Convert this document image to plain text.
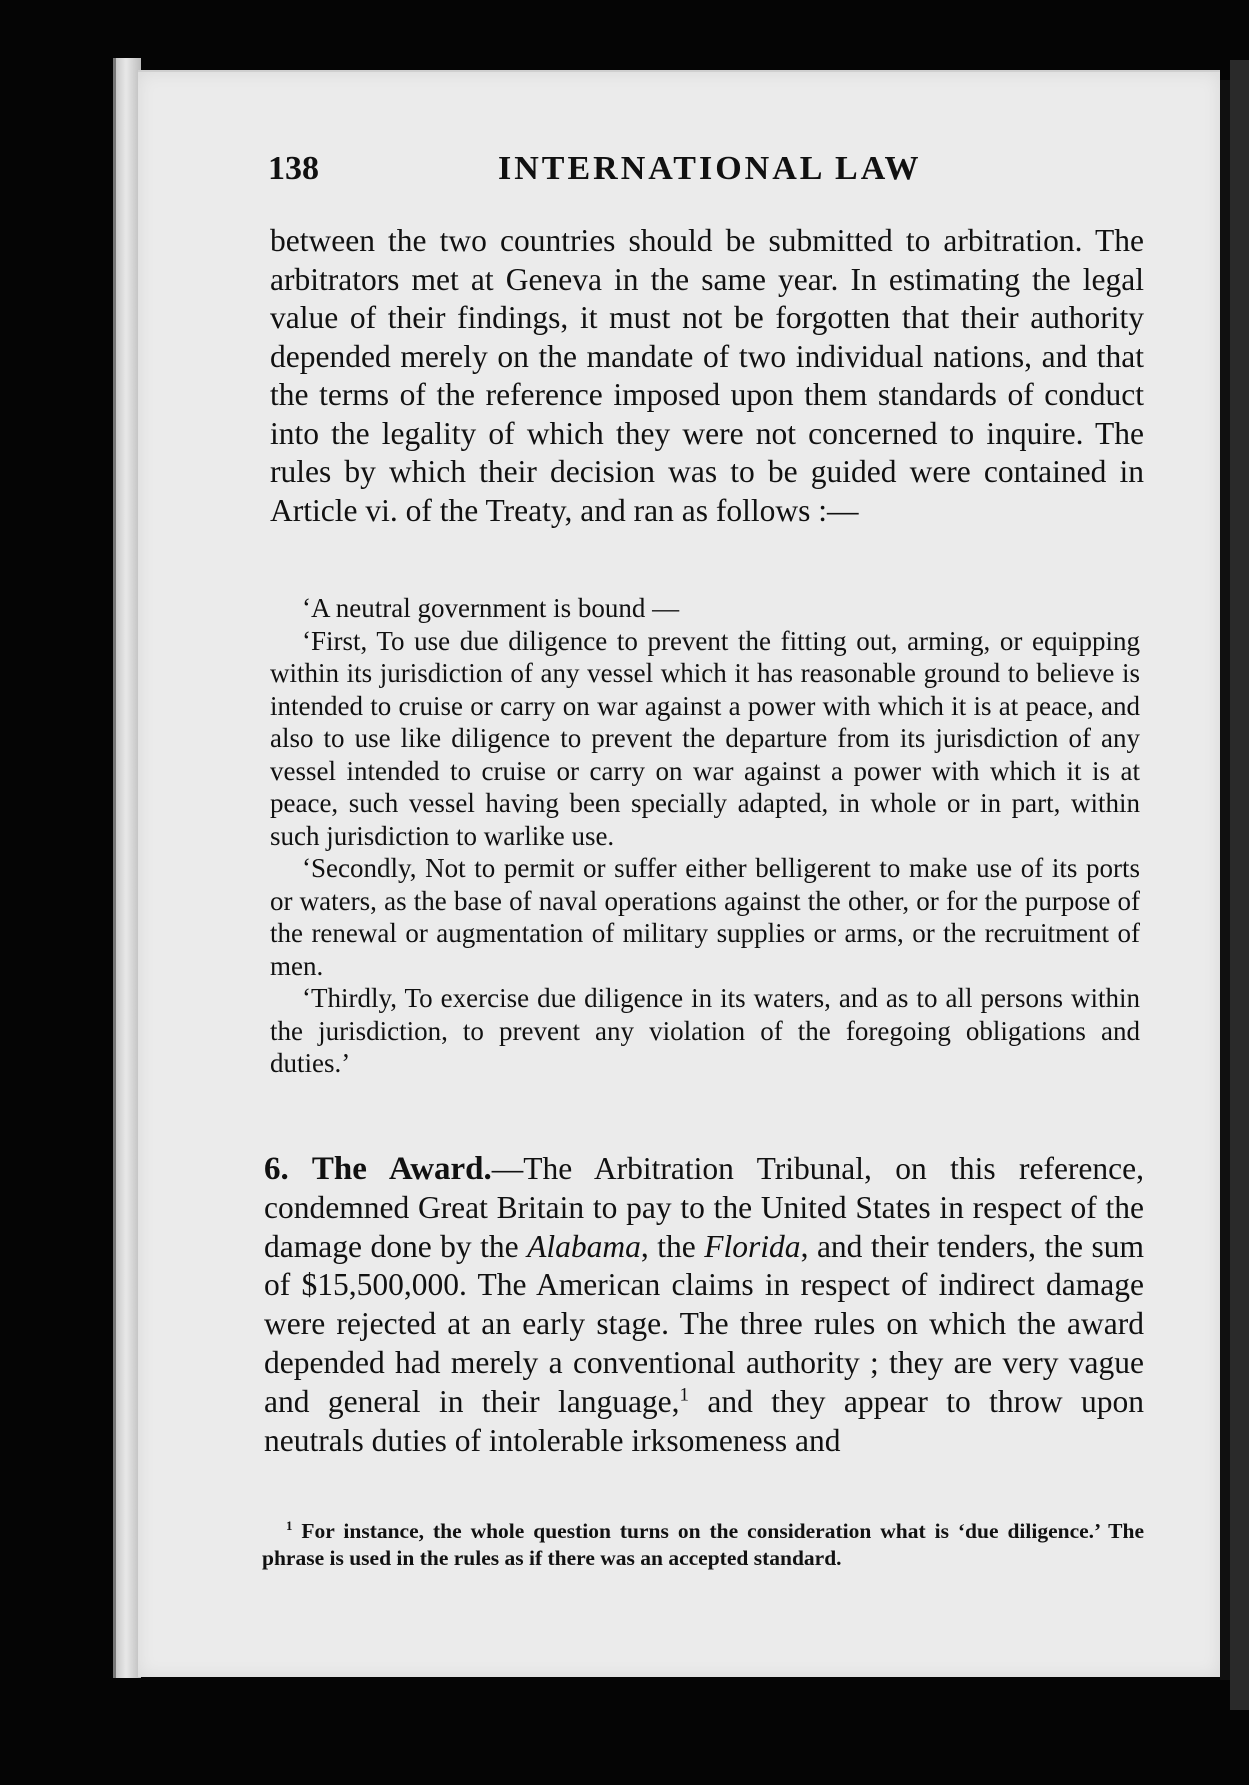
138	INTERNATIONAL LAW

between the two countries should be submitted to arbitration. The arbitrators met at Geneva in the same year. In estimating the legal value of their findings, it must not be forgotten that their authority depended merely on the mandate of two individual nations, and that the terms of the reference imposed upon them standards of conduct into the legality of which they were not concerned to inquire. The rules by which their decision was to be guided were contained in Article vi. of the Treaty, and ran as follows :—

‘A neutral government is bound —

‘First, To use due diligence to prevent the fitting out, arming, or equipping within its jurisdiction of any vessel which it has reasonable ground to believe is intended to cruise or carry on war against a power with which it is at peace, and also to use like diligence to prevent the departure from its jurisdiction of any vessel intended to cruise or carry on war against a power with which it is at peace, such vessel having been specially adapted, in whole or in part, within such jurisdiction to warlike use.

‘Secondly, Not to permit or suffer either belligerent to make use of its ports or waters, as the base of naval operations against the other, or for the purpose of the renewal or augmentation of military supplies or arms, or the recruitment of men.

‘Thirdly, To exercise due diligence in its waters, and as to all persons within the jurisdiction, to prevent any violation of the foregoing obligations and duties.’

6. The Award.—The Arbitration Tribunal, on this reference, condemned Great Britain to pay to the United States in respect of the damage done by the Alabama, the Florida, and their tenders, the sum of $15,500,000. The American claims in respect of indirect damage were rejected at an early stage. The three rules on which the award depended had merely a conventional authority ; they are very vague and general in their language,$^1$ and they appear to throw upon neutrals duties of intolerable irksomeness and

$^1$ For instance, the whole question turns on the consideration what is ‘due diligence.’ The phrase is used in the rules as if there was an accepted standard.
